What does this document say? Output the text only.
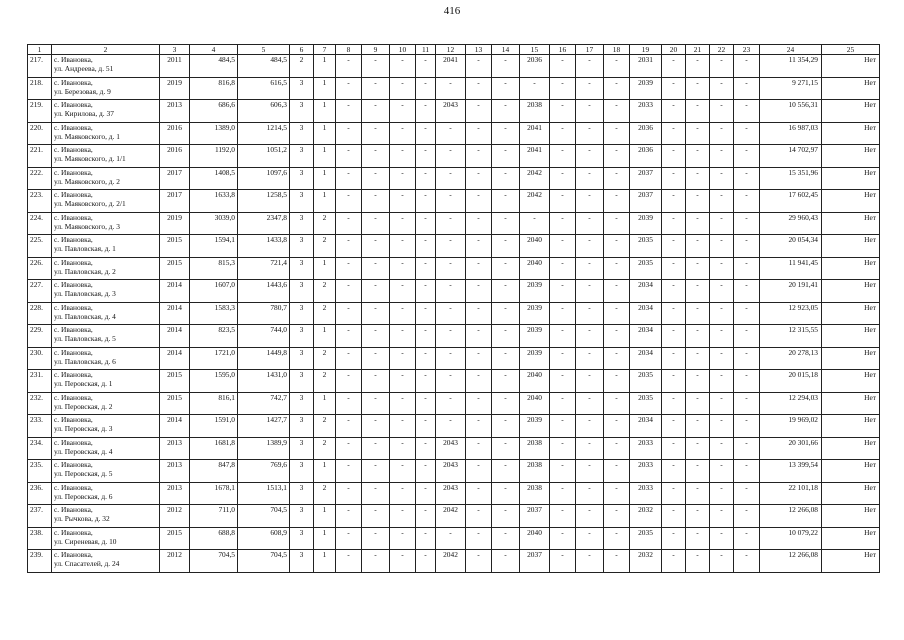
416
1	2	3	4	5	6	7	8	9	10	11	12	13	14	15	16	17	18	19	20	21	22	23	24	25
217.	с. Ивановка,
ул. Андреева, д. 51	2011	484,5	484,5	2	1	-	-	-	-	2041	-	-	2036	-	-	-	2031	-	-	-	-	11 354,29	Нет
218.	с. Ивановка,
ул. Березовая, д. 9	2019	816,8	616,5	3	1	-	-	-	-	-	-	-	-	-	-	-	2039	-	-	-	-	9 271,15	Нет
219.	с. Ивановка,
ул. Кирилова, д. 37	2013	686,6	606,3	3	1	-	-	-	-	2043	-	-	2038	-	-	-	2033	-	-	-	-	10 556,31	Нет
220.	с. Ивановка,
ул. Маяковского, д. 1	2016	1389,0	1214,5	3	1	-	-	-	-	-	-	-	2041	-	-	-	2036	-	-	-	-	16 987,03	Нет
221.	с. Ивановка,
ул. Маяковского, д. 1/1	2016	1192,0	1051,2	3	1	-	-	-	-	-	-	-	2041	-	-	-	2036	-	-	-	-	14 702,97	Нет
222.	с. Ивановка,
ул. Маяковского, д. 2	2017	1408,5	1097,6	3	1	-	-	-	-	-	-	-	2042	-	-	-	2037	-	-	-	-	15 351,96	Нет
223.	с. Ивановка,
ул. Маяковского, д. 2/1	2017	1633,8	1258,5	3	1	-	-	-	-	-	-	-	2042	-	-	-	2037	-	-	-	-	17 602,45	Нет
224.	с. Ивановка,
ул. Маяковского, д. 3	2019	3039,0	2347,8	3	2	-	-	-	-	-	-	-	-	-	-	-	2039	-	-	-	-	29 960,43	Нет
225.	с. Ивановка,
ул. Павловская, д. 1	2015	1594,1	1433,8	3	2	-	-	-	-	-	-	-	2040	-	-	-	2035	-	-	-	-	20 054,34	Нет
226.	с. Ивановка,
ул. Павловская, д. 2	2015	815,3	721,4	3	1	-	-	-	-	-	-	-	2040	-	-	-	2035	-	-	-	-	11 941,45	Нет
227.	с. Ивановка,
ул. Павловская, д. 3	2014	1607,0	1443,6	3	2	-	-	-	-	-	-	-	2039	-	-	-	2034	-	-	-	-	20 191,41	Нет
228.	с. Ивановка,
ул. Павловская, д. 4	2014	1583,3	780,7	3	2	-	-	-	-	-	-	-	2039	-	-	-	2034	-	-	-	-	12 923,05	Нет
229.	с. Ивановка,
ул. Павловская, д. 5	2014	823,5	744,0	3	1	-	-	-	-	-	-	-	2039	-	-	-	2034	-	-	-	-	12 315,55	Нет
230.	с. Ивановка,
ул. Павловская, д. 6	2014	1721,0	1449,8	3	2	-	-	-	-	-	-	-	2039	-	-	-	2034	-	-	-	-	20 278,13	Нет
231.	с. Ивановка,
ул. Перовская, д. 1	2015	1595,0	1431,0	3	2	-	-	-	-	-	-	-	2040	-	-	-	2035	-	-	-	-	20 015,18	Нет
232.	с. Ивановка,
ул. Перовская, д. 2	2015	816,1	742,7	3	1	-	-	-	-	-	-	-	2040	-	-	-	2035	-	-	-	-	12 294,03	Нет
233.	с. Ивановка,
ул. Перовская, д. 3	2014	1591,0	1427,7	3	2	-	-	-	-	-	-	-	2039	-	-	-	2034	-	-	-	-	19 969,02	Нет
234.	с. Ивановка,
ул. Перовская, д. 4	2013	1681,8	1389,9	3	2	-	-	-	-	2043	-	-	2038	-	-	-	2033	-	-	-	-	20 301,66	Нет
235.	с. Ивановка,
ул. Перовская, д. 5	2013	847,8	769,6	3	1	-	-	-	-	2043	-	-	2038	-	-	-	2033	-	-	-	-	13 399,54	Нет
236.	с. Ивановка,
ул. Перовская, д. 6	2013	1678,1	1513,1	3	2	-	-	-	-	2043	-	-	2038	-	-	-	2033	-	-	-	-	22 101,18	Нет
237.	с. Ивановка,
ул. Рычкова, д. 32	2012	711,0	704,5	3	1	-	-	-	-	2042	-	-	2037	-	-	-	2032	-	-	-	-	12 266,08	Нет
238.	с. Ивановка,
ул. Сиреневая, д. 10	2015	688,8	608,9	3	1	-	-	-	-	-	-	-	2040	-	-	-	2035	-	-	-	-	10 079,22	Нет
239.	с. Ивановка,
ул. Спасателей, д. 24	2012	704,5	704,5	3	1	-	-	-	-	2042	-	-	2037	-	-	-	2032	-	-	-	-	12 266,08	Нет
